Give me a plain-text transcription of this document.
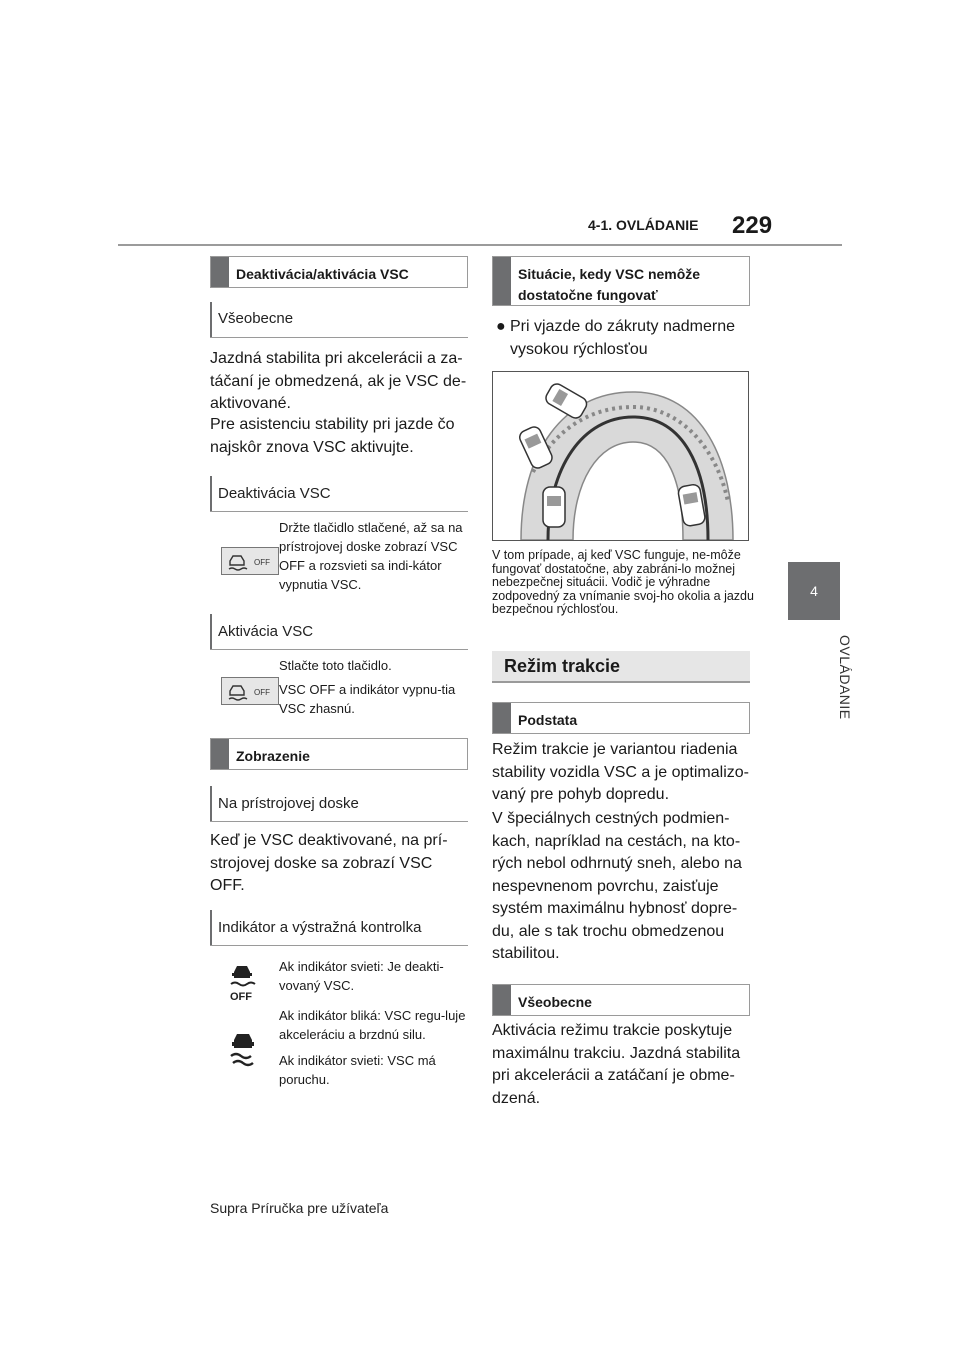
4-1. OVLÁDANIE 229
4
OVLÁDANIE
Deaktivácia/aktivácia VSC
Všeobecne
Jazdná stabilita pri akcelerácii a za-táčaní je obmedzená, ak je VSC de-aktivované.
Pre asistenciu stability pri jazde čo najskôr znova VSC aktivujte.
Deaktivácia VSC
OFF
Držte tlačidlo stlačené, až sa na prístrojovej doske zobrazí VSC OFF a rozsvieti sa indi-kátor vypnutia VSC.
Aktivácia VSC
Stlačte toto tlačidlo.
VSC OFF a indikátor vypnu-tia VSC zhasnú.
OFF
Zobrazenie
Na prístrojovej doske
Keď je VSC deaktivované, na prí-strojovej doske sa zobrazí VSC OFF.
Indikátor a výstražná kontrolka
OFF
Ak indikátor svieti: Je deakti-vovaný VSC.
Ak indikátor bliká: VSC regu-luje akceleráciu a brzdnú silu.
Ak indikátor svieti: VSC má poruchu.
Situácie, kedy VSC nemôže dostatočne fungovať
● Pri vjazde do zákruty nadmerne vysokou rýchlosťou
V tom prípade, aj keď VSC funguje, ne-môže fungovať dostatočne, aby zabráni-lo možnej nebezpečnej situácii. Vodič je výhradne zodpovedný za vnímanie svoj-ho okolia a jazdu bezpečnou rýchlosťou.
Režim trakcie
Podstata
Režim trakcie je variantou riadenia stability vozidla VSC a je optimalizo-vaný pre pohyb dopredu.
V špeciálnych cestných podmien-kach, napríklad na cestách, na kto-rých nebol odhrnutý sneh, alebo na nespevnenom povrchu, zaisťuje systém maximálnu hybnosť dopre-du, ale s tak trochu obmedzenou stabilitou.
Všeobecne
Aktivácia režimu trakcie poskytuje maximálnu trakciu. Jazdná stabilita pri akcelerácii a zatáčaní je obme-dzená.
Supra Príručka pre užívateľa
